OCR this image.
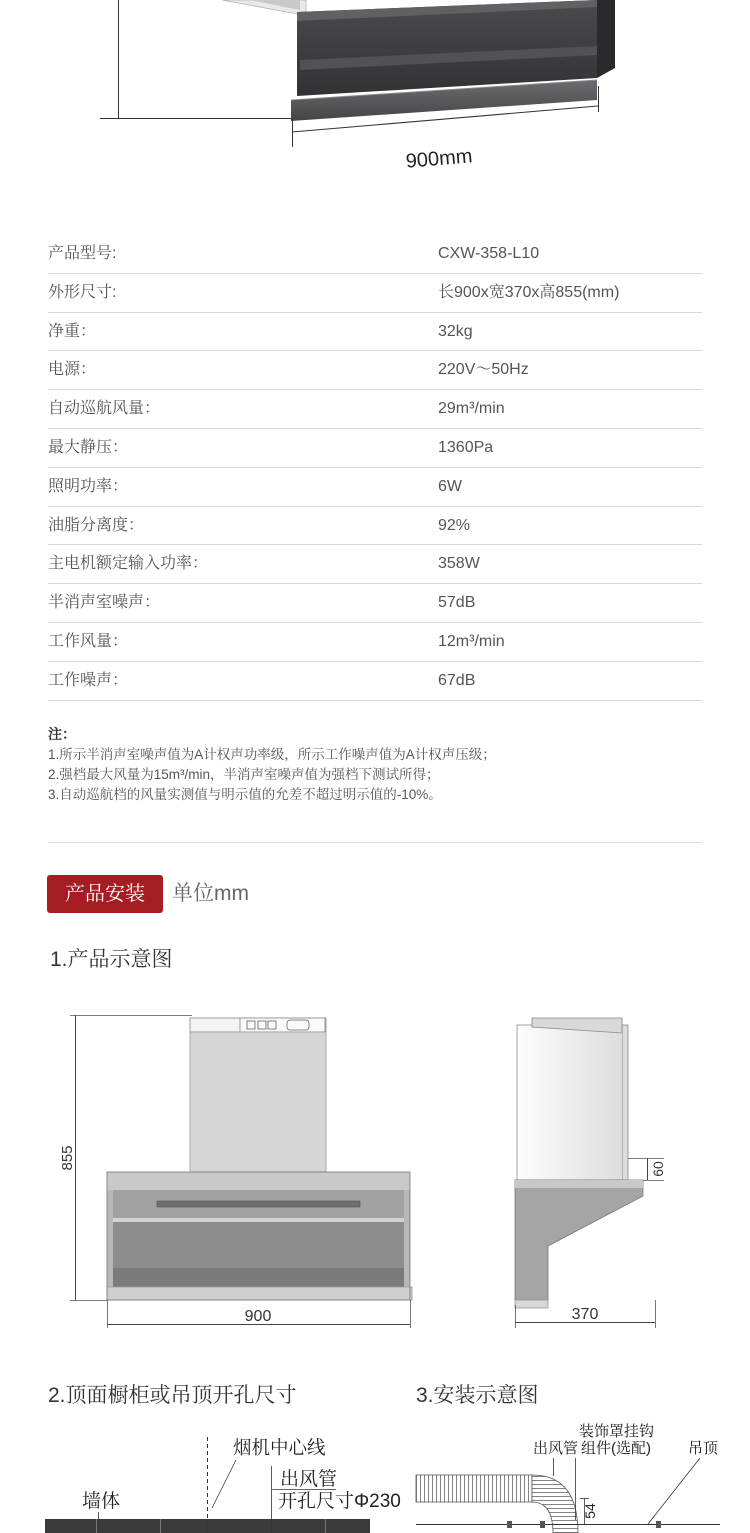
900mm
产品型号:	CXW-358-L10
外形尺寸:	长900x宽370x高855(mm)
净重：	32kg
电源：	220V～50Hz
自动巡航风量：	29m³/min
最大静压：	1360Pa
照明功率：	6W
油脂分离度：	92%
主电机额定输入功率：	358W
半消声室噪声：	57dB
工作风量：	12m³/min
工作噪声：	67dB
注：
1.所示半消声室噪声值为A计权声功率级，所示工作噪声值为A计权声压级；
2.强档最大风量为15m³/min，半消声室噪声值为强档下测试所得；
3.自动巡航档的风量实测值与明示值的允差不超过明示值的-10%。
产品安装	单位mm
1.产品示意图
855
900
60
370
2.顶面橱柜或吊顶开孔尺寸	3.安装示意图
烟机中心线
墙体
出风管
开孔尺寸Φ230
装饰罩挂钩
组件(选配)
出风管	吊顶
54
